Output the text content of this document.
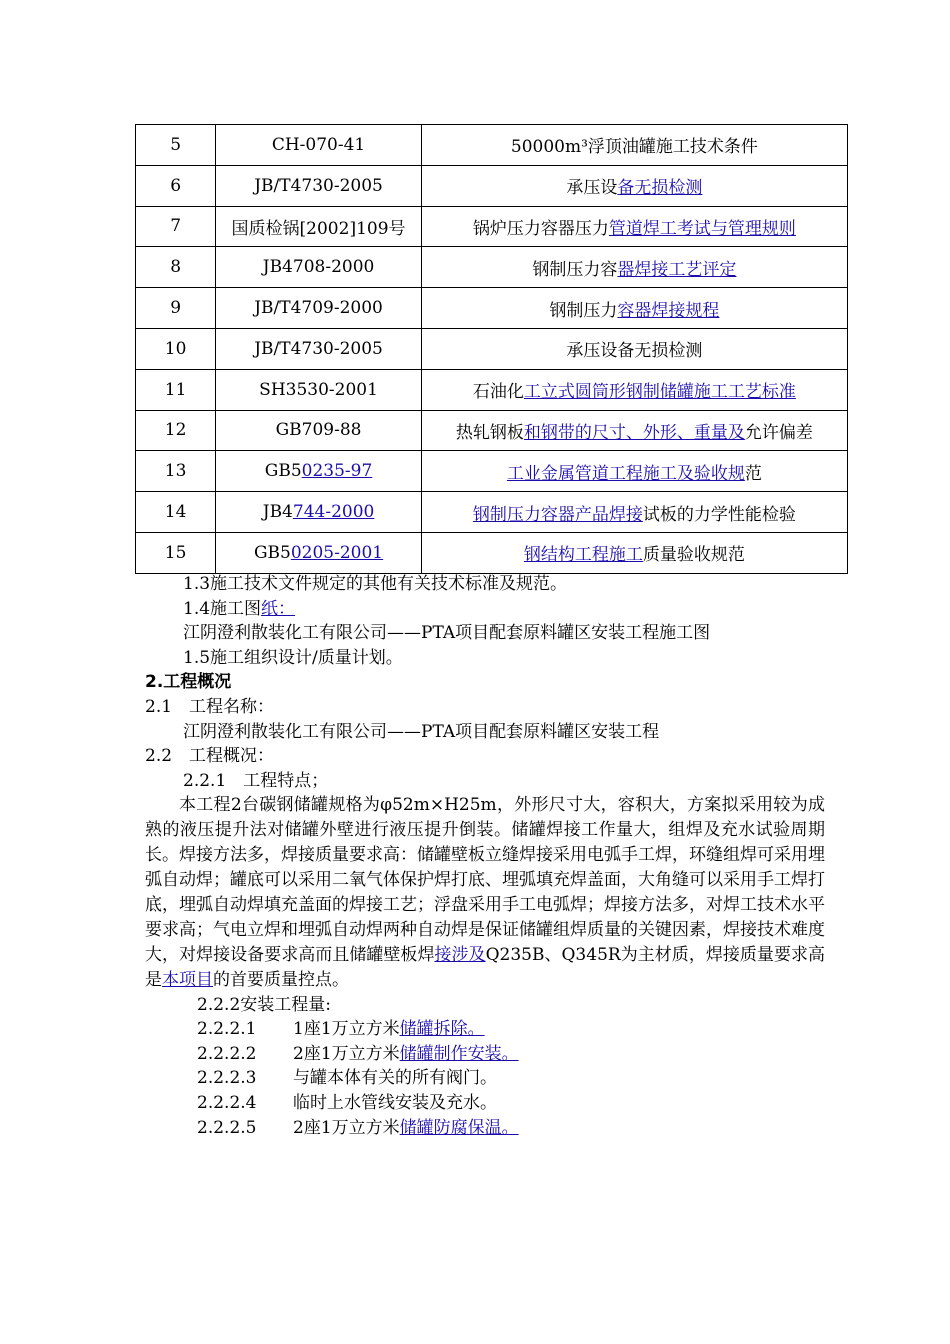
5	CH-070-41	50000m³浮顶油罐施工技术条件
6	JB/T4730-2005	承压设备无损检测
7	国质检锅[2002]109号	锅炉压力容器压力管道焊工考试与管理规则
8	JB4708-2000	钢制压力容器焊接工艺评定
9	JB/T4709-2000	钢制压力容器焊接规程
10	JB/T4730-2005	承压设备无损检测
11	SH3530-2001	石油化工立式圆筒形钢制储罐施工工艺标准
12	GB709-88	热轧钢板和钢带的尺寸、外形、重量及允许偏差
13	GB50235-97	工业金属管道工程施工及验收规范
14	JB4744-2000	钢制压力容器产品焊接试板的力学性能检验
15	GB50205-2001	钢结构工程施工质量验收规范
1.3施工技术文件规定的其他有关技术标准及规范。
1.4施工图纸：
江阴澄利散装化工有限公司——PTA项目配套原料罐区安装工程施工图
1.5施工组织设计/质量计划。
2.工程概况
2.1　工程名称：
江阴澄利散装化工有限公司——PTA项目配套原料罐区安装工程
2.2　工程概况：
2.2.1　工程特点；

本工程2台碳钢储罐规格为φ52m×H25m，外形尺寸大，容积大，方案拟采用较为成熟的液压提升法对储罐外壁进行液压提升倒装。储罐焊接工作量大，组焊及充水试验周期长。焊接方法多，焊接质量要求高：储罐壁板立缝焊接采用电弧手工焊，环缝组焊可采用埋弧自动焊；罐底可以采用二氧气体保护焊打底、埋弧填充焊盖面，大角缝可以采用手工焊打底，埋弧自动焊填充盖面的焊接工艺；浮盘采用手工电弧焊；焊接方法多，对焊工技术水平要求高；气电立焊和埋弧自动焊两种自动焊是保证储罐组焊质量的关键因素，焊接技术难度大，对焊接设备要求高而且储罐壁板焊接涉及Q235B、Q345R为主材质，焊接质量要求高是本项目的首要质量控点。

2.2.2安装工程量:
2.2.2.1 1座1万立方米储罐拆除。
2.2.2.2 2座1万立方米储罐制作安装。
2.2.2.3 与罐本体有关的所有阀门。
2.2.2.4 临时上水管线安装及充水。
2.2.2.5 2座1万立方米储罐防腐保温。
